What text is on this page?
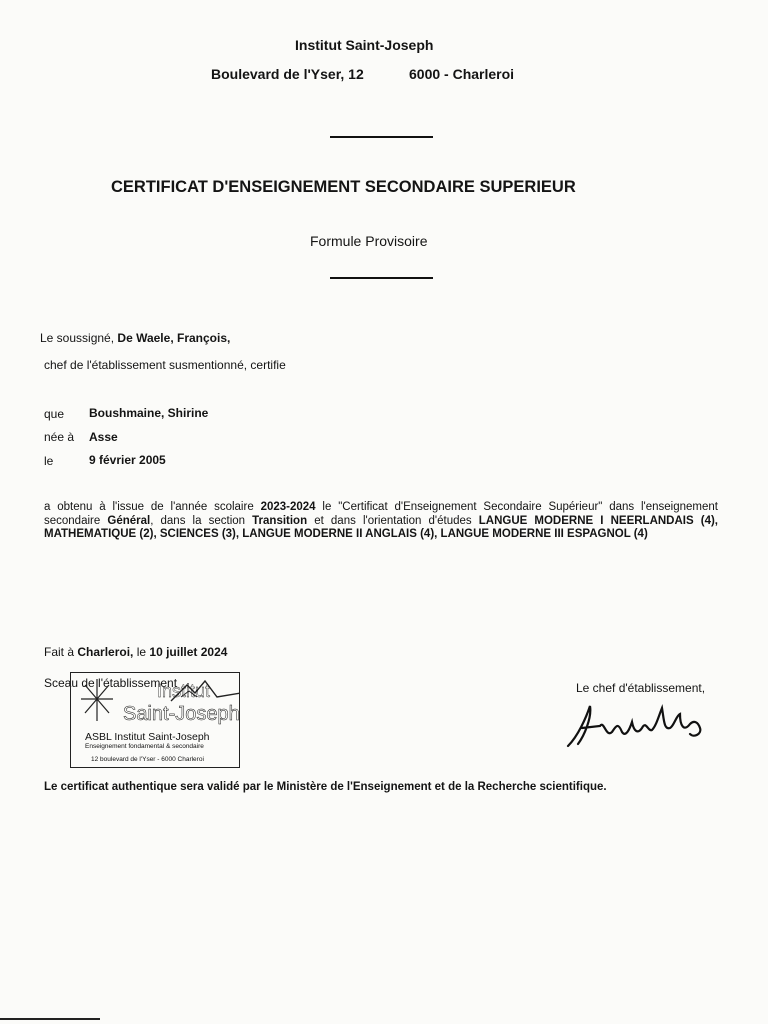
Institut Saint-Joseph
Boulevard de l'Yser, 12	6000 - Charleroi
CERTIFICAT D'ENSEIGNEMENT SECONDAIRE SUPERIEUR
Formule Provisoire
Le soussigné, De Waele, François,
chef de l'établissement susmentionné, certifie
que Boushmaine, Shirine
née à Asse
le	9 février 2005
a obtenu à l'issue de l'année scolaire 2023-2024 le "Certificat d'Enseignement Secondaire Supérieur" dans l'enseignement secondaire Général, dans la section Transition et dans l'orientation d'études LANGUE MODERNE I NEERLANDAIS (4), MATHEMATIQUE (2), SCIENCES (3), LANGUE MODERNE II ANGLAIS (4), LANGUE MODERNE III ESPAGNOL (4)
Fait à Charleroi, le 10 juillet 2024
Sceau de l'établissement
Institut
Saint-Joseph
ASBL Institut Saint-Joseph
Enseignement fondamental & secondaire
12 boulevard de l'Yser - 6000 Charleroi
Le chef d'établissement,
Le certificat authentique sera validé par le Ministère de l'Enseignement et de la Recherche scientifique.
